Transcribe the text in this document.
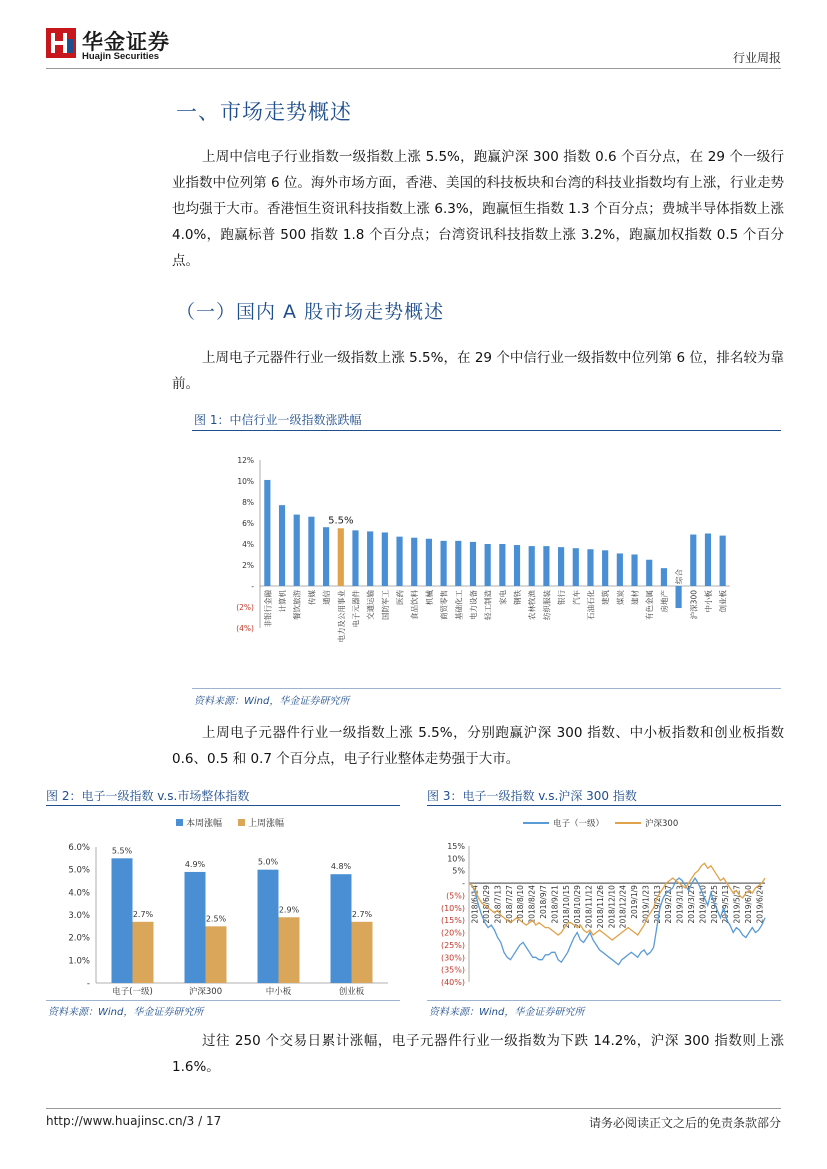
华金证券
Huajin Securities	行业周报
一、市场走势概述

上周中信电子行业指数一级指数上涨 5.5%，跑赢沪深 300 指数 0.6 个百分点，在 29 个一级行业指数中位列第 6 位。海外市场方面，香港、美国的科技板块和台湾的科技业指数均有上涨，行业走势也均强于大市。香港恒生资讯科技指数上涨 6.3%，跑赢恒生指数 1.3 个百分点；费城半导体指数上涨 4.0%，跑赢标普 500 指数 1.8 个百分点；台湾资讯科技指数上涨 3.2%，跑赢加权指数 0.5 个百分点。

（一）国内 A 股市场走势概述

上周电子元器件行业一级指数上涨 5.5%，在 29 个中信行业一级指数中位列第 6 位，排名较为靠前。

图 1：中信行业一级指数涨跌幅
12%
10%
8%
6%
4%
2%
-
(2%)
(4%)
非银行金融 计算机 餐饮旅游 传媒 通信 电力及公用事业
5.5%
电子元器件 交通运输 国防军工 医药 食品饮料 机械 商贸零售 基础化工 电力设备 轻工制造 家电 钢铁 农林牧渔 纺织服装 银行 汽车 石油石化 建筑 煤炭 建材 有色金属 房地产
综合
沪深300 中小板 创业板
资料来源：Wind，华金证券研究所

上周电子元器件行业一级指数上涨 5.5%，分别跑赢沪深 300 指数、中小板指数和创业板指数 0.6、0.5 和 0.7 个百分点，电子行业整体走势强于大市。

图 2：电子一级指数 v.s.市场整体指数
本周涨幅	上周涨幅
6.0%
5.0%
4.0%
3.0%
2.0%
1.0%
-
5.5%
2.7%
电子(一级)
4.9%
2.5%
沪深300
5.0%
2.9%
中小板
4.8%
2.7%
创业板
资料来源：Wind，华金证券研究所
图 3：电子一级指数 v.s.沪深 300 指数
电子（一级）	沪深300
15%
10%
5%
-
(5%)
(10%)
(15%)
(20%)
(25%)
(30%)
(35%)
(40%)
2018/6/14 2018/6/29 2018/7/13 2018/7/27 2018/8/10 2018/8/24 2018/9/7 2018/9/21 2018/10/15 2018/10/29 2018/11/12 2018/11/26 2018/12/10 2018/12/24 2019/1/9 2019/1/23 2019/2/13 2019/2/27 2019/3/13 2019/3/27 2019/4/10 2019/4/25 2019/5/13 2019/5/27 2019/6/10 2019/6/24
资料来源：Wind，华金证券研究所

过往 250 个交易日累计涨幅，电子元器件行业一级指数为下跌 14.2%，沪深 300 指数则上涨 1.6%。

http://www.huajinsc.cn/3 / 17	请务必阅读正文之后的免责条款部分
